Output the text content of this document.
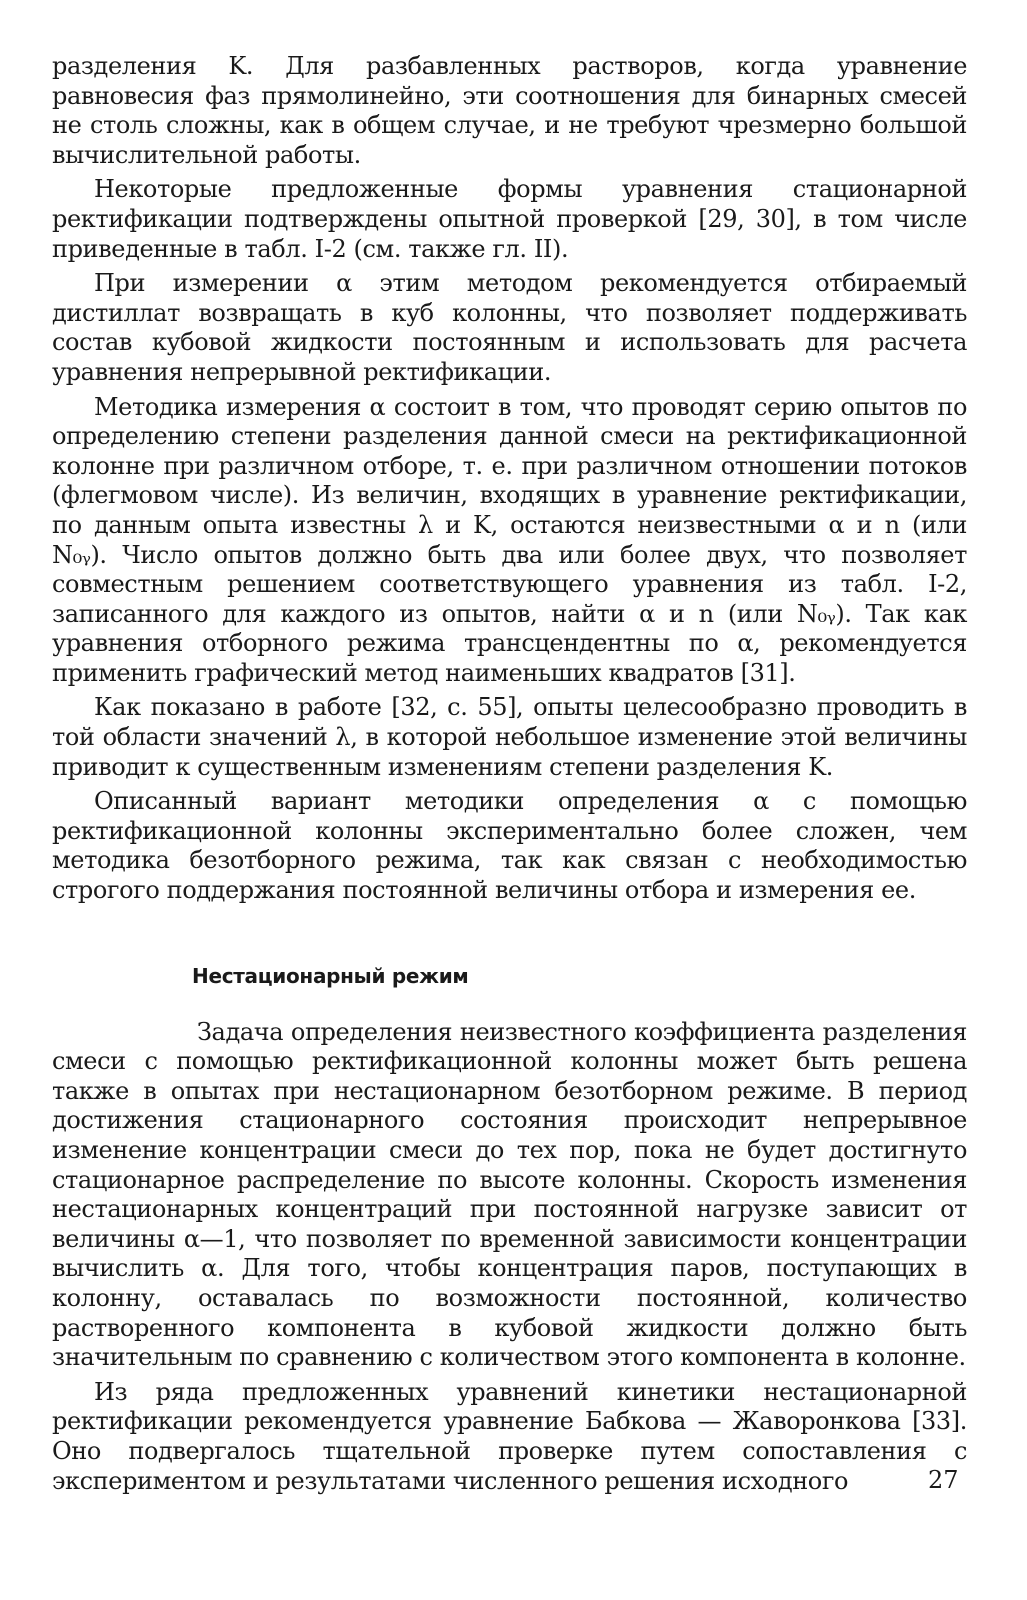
разделения K. Для разбавленных растворов, когда уравнение равновесия фаз прямолинейно, эти соотношения для бинарных смесей не столь сложны, как в общем случае, и не требуют чрезмерно большой вычислительной работы.

Некоторые предложенные формы уравнения стационарной ректификации подтверждены опытной проверкой [29, 30], в том числе приведенные в табл. I-2 (см. также гл. II).

При измерении α этим методом рекомендуется отбираемый дистиллат возвращать в куб колонны, что позволяет поддерживать состав кубовой жидкости постоянным и использовать для расчета уравнения непрерывной ректификации.

Методика измерения α состоит в том, что проводят серию опытов по определению степени разделения данной смеси на ректификационной колонне при различном отборе, т. е. при различном отношении потоков (флегмовом числе). Из величин, входящих в уравнение ректификации, по данным опыта известны λ и K, остаются неизвестными α и n (или N₀ᵧ). Число опытов должно быть два или более двух, что позволяет совместным решением соответствующего уравнения из табл. I-2, записанного для каждого из опытов, найти α и n (или N₀ᵧ). Так как уравнения отборного режима трансцендентны по α, рекомендуется применить графический метод наименьших квадратов [31].

Как показано в работе [32, с. 55], опыты целесообразно проводить в той области значений λ, в которой небольшое изменение этой величины приводит к существенным изменениям степени разделения K.

Описанный вариант методики определения α с помощью ректификационной колонны экспериментально более сложен, чем методика безотборного режима, так как связан с необходимостью строгого поддержания постоянной величины отбора и измерения ее.

Нестационарный режим

Задача определения неизвестного коэффициента разделения смеси с помощью ректификационной колонны может быть решена также в опытах при нестационарном безотборном режиме. В период достижения стационарного состояния происходит непрерывное изменение концентрации смеси до тех пор, пока не будет достигнуто стационарное распределение по высоте колонны. Скорость изменения нестационарных концентраций при постоянной нагрузке зависит от величины α—1, что позволяет по временной зависимости концентрации вычислить α. Для того, чтобы концентрация паров, поступающих в колонну, оставалась по возможности постоянной, количество растворенного компонента в кубовой жидкости должно быть значительным по сравнению с количеством этого компонента в колонне.

Из ряда предложенных уравнений кинетики нестационарной ректификации рекомендуется уравнение Бабкова — Жаворонкова [33]. Оно подвергалось тщательной проверке путем сопоставления с экспериментом и результатами численного решения исходного	27
